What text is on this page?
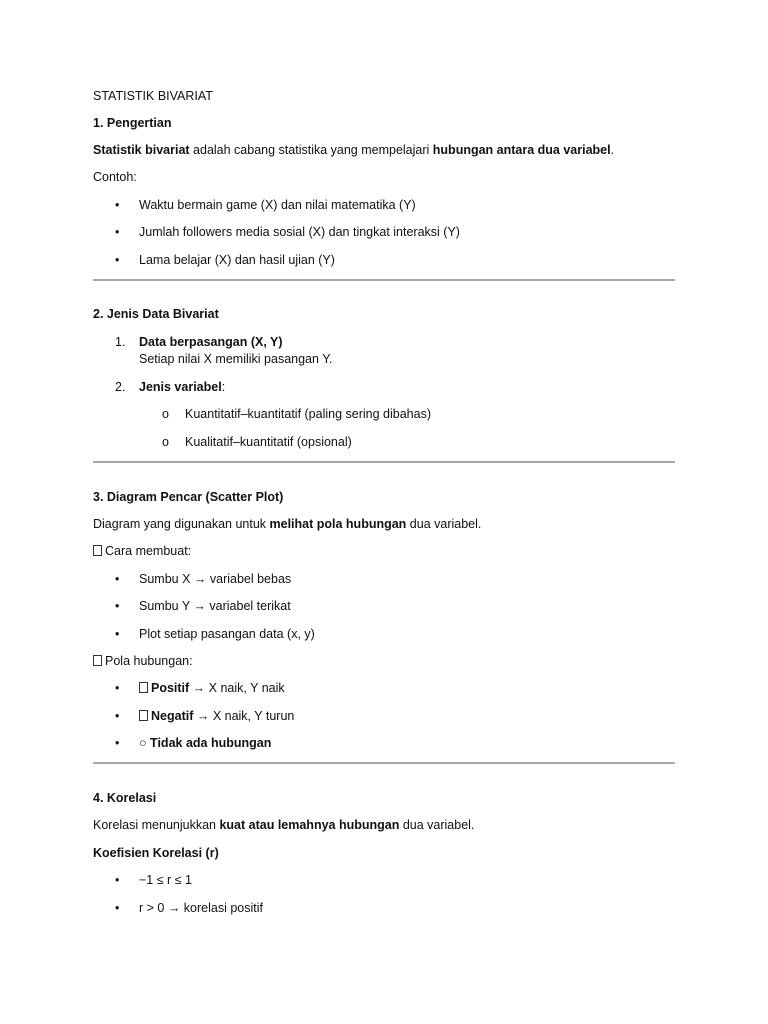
STATISTIK BIVARIAT
1. Pengertian
Statistik bivariat adalah cabang statistika yang mempelajari hubungan antara dua variabel.
Contoh:
• Waktu bermain game (X) dan nilai matematika (Y)
• Jumlah followers media sosial (X) dan tingkat interaksi (Y)
• Lama belajar (X) dan hasil ujian (Y)
2. Jenis Data Bivariat
1. Data berpasangan (X, Y)
Setiap nilai X memiliki pasangan Y.
2. Jenis variabel:
o Kuantitatif–kuantitatif (paling sering dibahas)
o Kualitatif–kuantitatif (opsional)
3. Diagram Pencar (Scatter Plot)
Diagram yang digunakan untuk melihat pola hubungan dua variabel.
Cara membuat:
• Sumbu X → variabel bebas
• Sumbu Y → variabel terikat
• Plot setiap pasangan data (x, y)
Pola hubungan:
•	Positif → X naik, Y naik
•	Negatif → X naik, Y turun
• ○ Tidak ada hubungan
4. Korelasi
Korelasi menunjukkan kuat atau lemahnya hubungan dua variabel.
Koefisien Korelasi (r)
• −1 ≤ r ≤ 1
• r > 0 → korelasi positif
